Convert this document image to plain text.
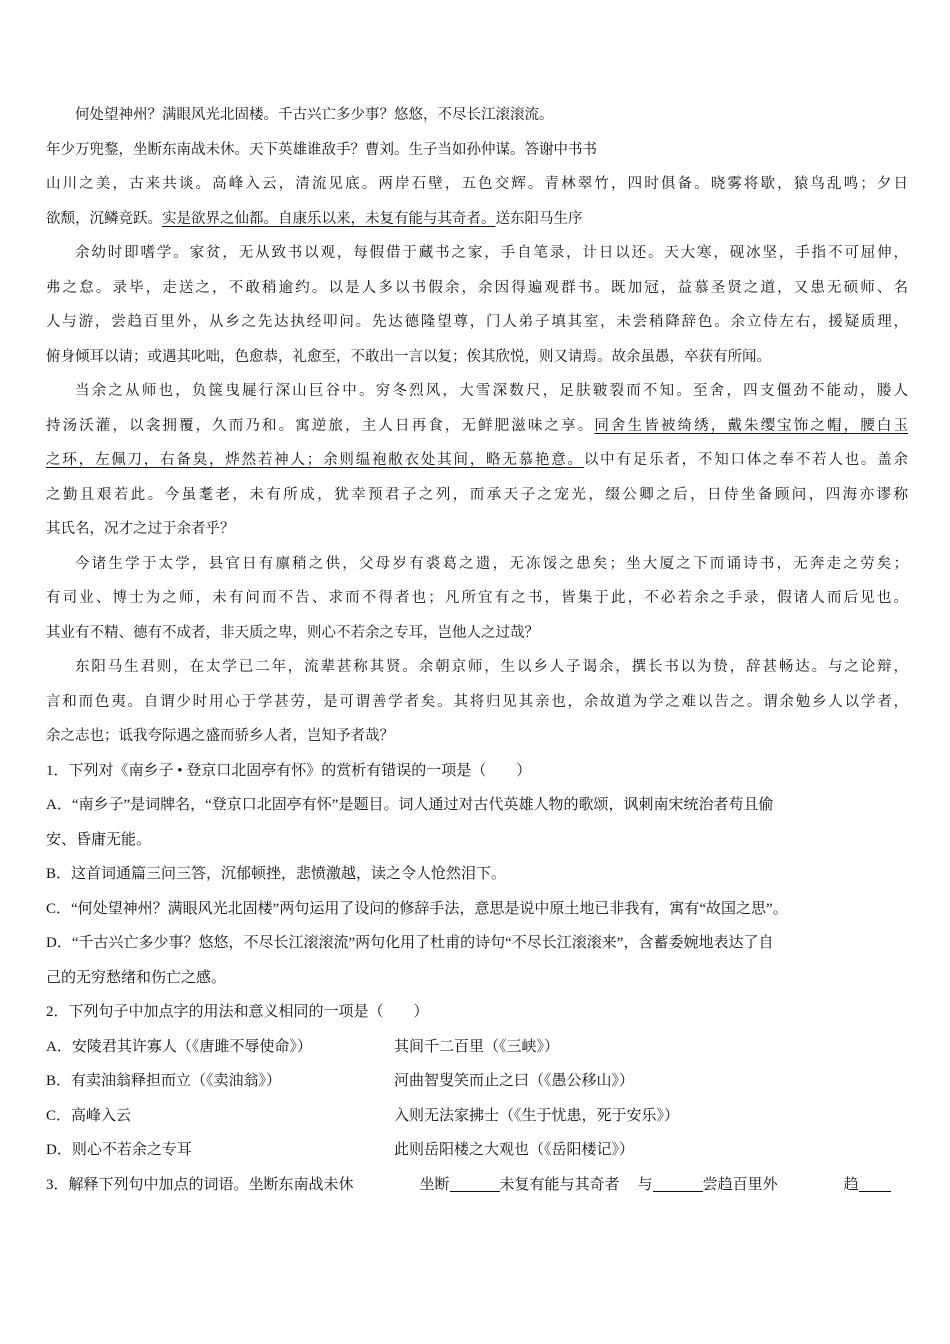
何处望神州？满眼风光北固楼。千古兴亡多少事？悠悠，不尽长江滚滚流。
年少万兜鍪，坐断东南战未休。天下英雄谁敌手？曹刘。生子当如孙仲谋。答谢中书书
山川之美，古来共谈。高峰入云，清流见底。两岸石壁，五色交辉。青林翠竹，四时俱备。晓雾将歇，猿鸟乱鸣；夕日
欲颓，沉鳞竞跃。实是欲界之仙都。自康乐以来，未复有能与其奇者。送东阳马生序
余幼时即嗜学。家贫，无从致书以观，每假借于藏书之家，手自笔录，计日以还。天大寒，砚冰坚，手指不可屈伸，
弗之怠。录毕，走送之，不敢稍逾约。以是人多以书假余，余因得遍观群书。既加冠，益慕圣贤之道，又患无硕师、名
人与游，尝趋百里外，从乡之先达执经叩问。先达德隆望尊，门人弟子填其室，未尝稍降辞色。余立侍左右，援疑质理，
俯身倾耳以请；或遇其叱咄，色愈恭，礼愈至，不敢出一言以复；俟其欣悦，则又请焉。故余虽愚，卒获有所闻。
当余之从师也，负箧曳屣行深山巨谷中。穷冬烈风，大雪深数尺，足肤皲裂而不知。至舍，四支僵劲不能动，媵人
持汤沃灌，以衾拥覆，久而乃和。寓逆旅，主人日再食，无鲜肥滋味之享。同舍生皆被绮绣，戴朱缨宝饰之帽，腰白玉
之环，左佩刀，右备臭，烨然若神人；余则缊袍敝衣处其间，略无慕艳意。以中有足乐者，不知口体之奉不若人也。盖余
之勤且艰若此。今虽耄老，未有所成，犹幸预君子之列，而承天子之宠光，缀公卿之后，日侍坐备顾问，四海亦谬称
其氏名，况才之过于余者乎？
今诸生学于太学，县官日有廪稍之供，父母岁有裘葛之遗，无冻馁之患矣；坐大厦之下而诵诗书，无奔走之劳矣；
有司业、博士为之师，未有问而不告、求而不得者也；凡所宜有之书，皆集于此，不必若余之手录，假诸人而后见也。
其业有不精、德有不成者，非天质之卑，则心不若余之专耳，岂他人之过哉？
东阳马生君则，在太学已二年，流辈甚称其贤。余朝京师，生以乡人子谒余，撰长书以为贽，辞甚畅达。与之论辩，
言和而色夷。自谓少时用心于学甚劳，是可谓善学者矣。其将归见其亲也，余故道为学之难以告之。谓余勉乡人以学者，
余之志也；诋我夸际遇之盛而骄乡人者，岂知予者哉？
1．下列对《南乡子 • 登京口北固亭有怀》的赏析有错误的一项是（　　）
A．“南乡子”是词牌名，“登京口北固亭有怀”是题目。词人通过对古代英雄人物的歌颂，讽刺南宋统治者苟且偷
安、昏庸无能。
B．这首词通篇三问三答，沉郁顿挫，悲愤激越，读之令人怆然泪下。
C．“何处望神州？满眼风光北固楼”两句运用了设问的修辞手法，意思是说中原土地已非我有，寓有“故国之思”。
D．“千古兴亡多少事？悠悠，不尽长江滚滚流”两句化用了杜甫的诗句“不尽长江滚滚来”，含蓄委婉地表达了自
己的无穷愁绪和伤亡之感。
2．下列句子中加点字的用法和意义相同的一项是（　　）
A．安陵君其许寡人（《唐雎不辱使命》）	其间千二百里（《三峡》）
B．有卖油翁释担而立（《卖油翁》）	河曲智叟笑而止之曰（《愚公移山》）
C．高峰入云	入则无法家拂士（《生于忧患，死于安乐》）
D．则心不若余之专耳	此则岳阳楼之大观也（《岳阳楼记》）
3．解释下列句中加点的词语。坐断东南战未休	坐断	未复有能与其奇者 与	尝趋百里外	趋
